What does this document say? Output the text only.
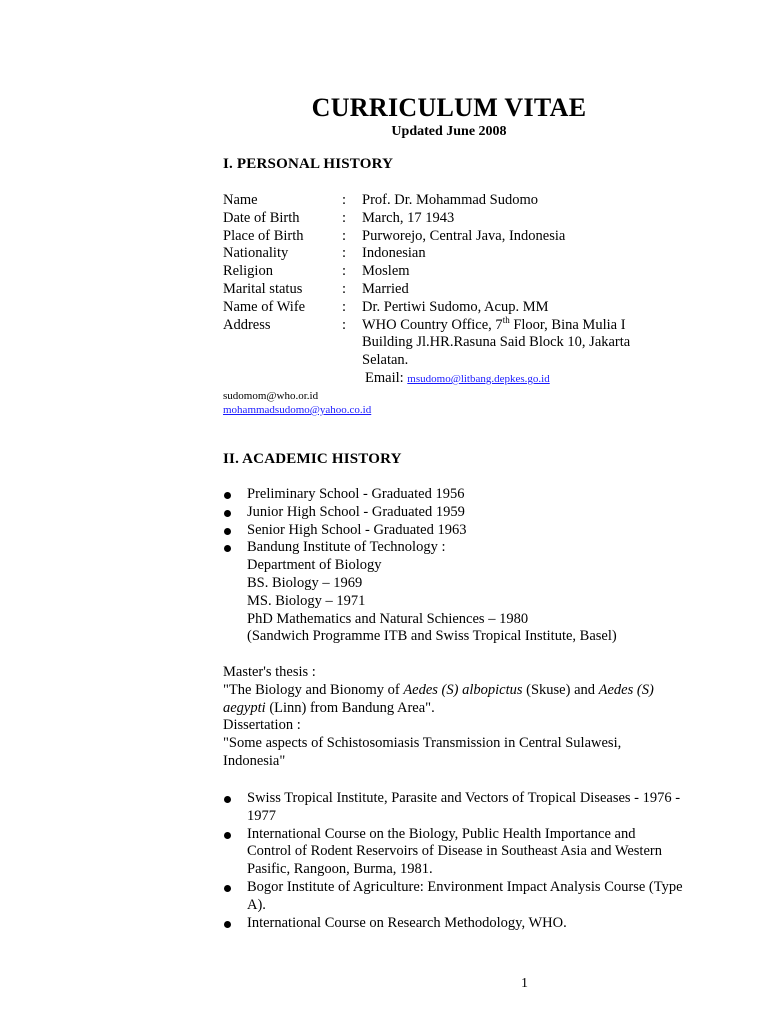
CURRICULUM VITAE
Updated June 2008
I. PERSONAL HISTORY
Name	: Prof. Dr. Mohammad Sudomo
Date of Birth	: March, 17 1943
Place of Birth	: Purworejo, Central Java, Indonesia
Nationality	: Indonesian
Religion	: Moslem
Marital status	: Married
Name of Wife	: Dr. Pertiwi Sudomo, Acup. MM
Address	: WHO Country Office, 7th Floor, Bina Mulia I
Building Jl.HR.Rasuna Said Block 10, Jakarta
Selatan.
Email: msudomo@litbang.depkes.go.id
sudomom@who.or.id
mohammadsudomo@yahoo.co.id
II. ACADEMIC HISTORY
Preliminary School - Graduated 1956
Junior High School - Graduated 1959
Senior High School - Graduated 1963
Bandung Institute of Technology :
Department of Biology
BS. Biology – 1969
MS. Biology – 1971
PhD Mathematics and Natural Schiences – 1980
(Sandwich Programme ITB and Swiss Tropical Institute, Basel)
Master's thesis :
"The Biology and Bionomy of Aedes (S) albopictus (Skuse) and Aedes (S) aegypti (Linn) from Bandung Area".
Dissertation :
"Some aspects of Schistosomiasis Transmission in Central Sulawesi, Indonesia"
Swiss Tropical Institute, Parasite and Vectors of Tropical Diseases - 1976 - 1977
International Course on the Biology, Public Health Importance and Control of Rodent Reservoirs of Disease in Southeast Asia and Western Pasific, Rangoon, Burma, 1981.
Bogor Institute of Agriculture: Environment Impact Analysis Course (Type A).
International Course on Research Methodology, WHO.
1
